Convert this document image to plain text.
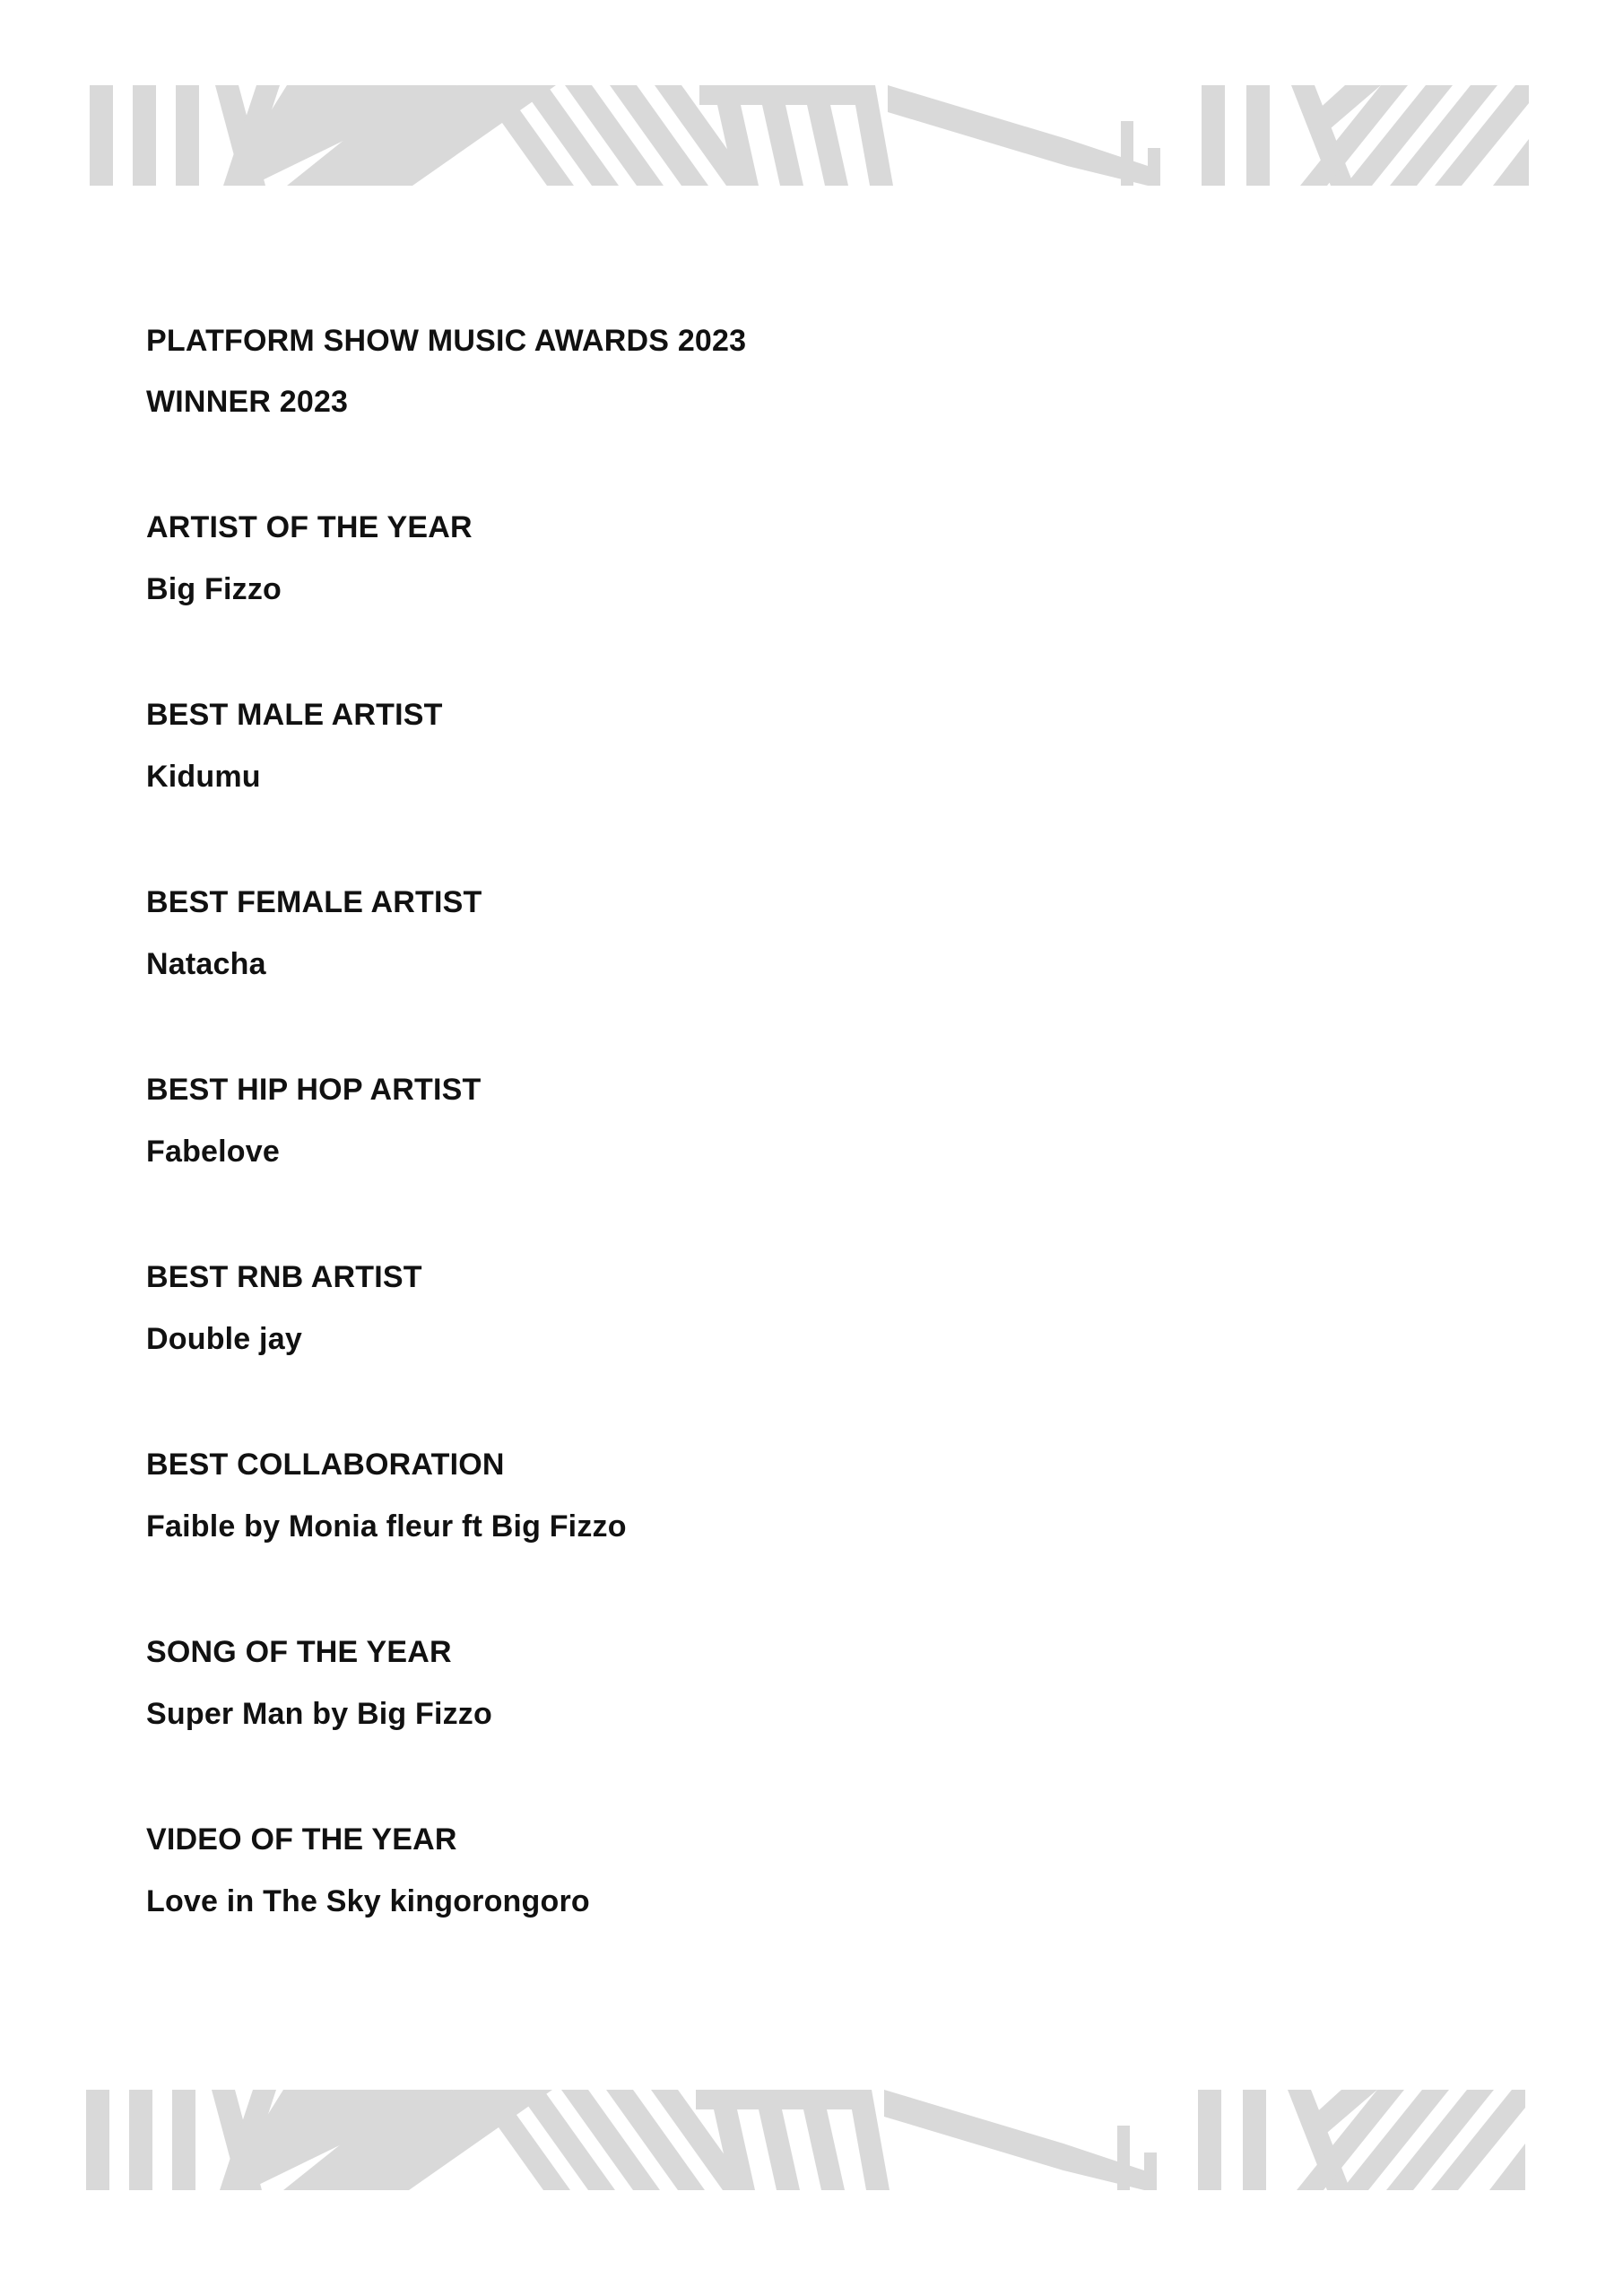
PLATFORM SHOW MUSIC AWARDS 2023
WINNER 2023
ARTIST OF THE YEAR
Big Fizzo
BEST MALE ARTIST
Kidumu
BEST FEMALE ARTIST
Natacha
BEST HIP HOP ARTIST
Fabelove
BEST RNB ARTIST
Double jay
BEST COLLABORATION
Faible by Monia fleur ft Big Fizzo
SONG OF THE YEAR
Super Man by Big Fizzo
VIDEO OF THE YEAR
Love in The Sky kingorongoro
